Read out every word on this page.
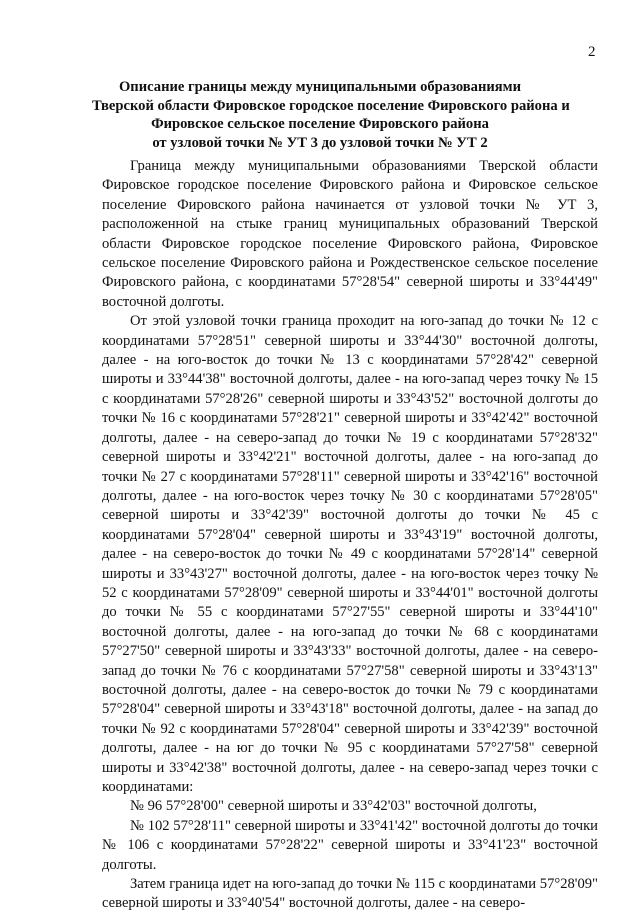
2
Описание границы между муниципальными образованиями
Тверской области Фировское городское поселение Фировского района и
Фировское сельское поселение Фировского района
от узловой точки № УТ 3 до узловой точки № УТ 2

Граница между муниципальными образованиями Тверской области Фировское городское поселение Фировского района и Фировское сельское поселение Фировского района начинается от узловой точки № УТ 3, расположенной на стыке границ муниципальных образований Тверской области Фировское городское поселение Фировского района, Фировское сельское поселение Фировского района и Рождественское сельское поселение Фировского района, с координатами 57°28'54" северной широты и 33°44'49" восточной долготы.

От этой узловой точки граница проходит на юго-запад до точки № 12 с координатами 57°28'51" северной широты и 33°44'30" восточной долготы, далее - на юго-восток до точки № 13 с координатами 57°28'42" северной широты и 33°44'38" восточной долготы, далее - на юго-запад через точку № 15 с координатами 57°28'26" северной широты и 33°43'52" восточной долготы до точки № 16 с координатами 57°28'21" северной широты и 33°42'42" восточной долготы, далее - на северо-запад до точки № 19 с координатами 57°28'32" северной широты и 33°42'21" восточной долготы, далее - на юго-запад до точки № 27 с координатами 57°28'11" северной широты и 33°42'16" восточной долготы, далее - на юго-восток через точку № 30 с координатами 57°28'05" северной широты и 33°42'39" восточной долготы до точки № 45 с координатами 57°28'04" северной широты и 33°43'19" восточной долготы, далее - на северо-восток до точки № 49 с координатами 57°28'14" северной широты и 33°43'27" восточной долготы, далее - на юго-восток через точку № 52 с координатами 57°28'09" северной широты и 33°44'01" восточной долготы до точки № 55 с координатами 57°27'55" северной широты и 33°44'10" восточной долготы, далее - на юго-запад до точки № 68 с координатами 57°27'50" северной широты и 33°43'33" восточной долготы, далее - на северо-запад до точки № 76 с координатами 57°27'58" северной широты и 33°43'13" восточной долготы, далее - на северо-восток до точки № 79 с координатами 57°28'04" северной широты и 33°43'18" восточной долготы, далее - на запад до точки № 92 с координатами 57°28'04" северной широты и 33°42'39" восточной долготы, далее - на юг до точки № 95 с координатами 57°27'58" северной широты и 33°42'38" восточной долготы, далее - на северо-запад через точки с координатами:

№ 96 57°28'00" северной широты и 33°42'03" восточной долготы,

№ 102 57°28'11" северной широты и 33°41'42" восточной долготы до точки № 106 с координатами 57°28'22" северной широты и 33°41'23" восточной долготы.

Затем граница идет на юго-запад до точки № 115 с координатами 57°28'09" северной широты и 33°40'54" восточной долготы, далее - на северо-
